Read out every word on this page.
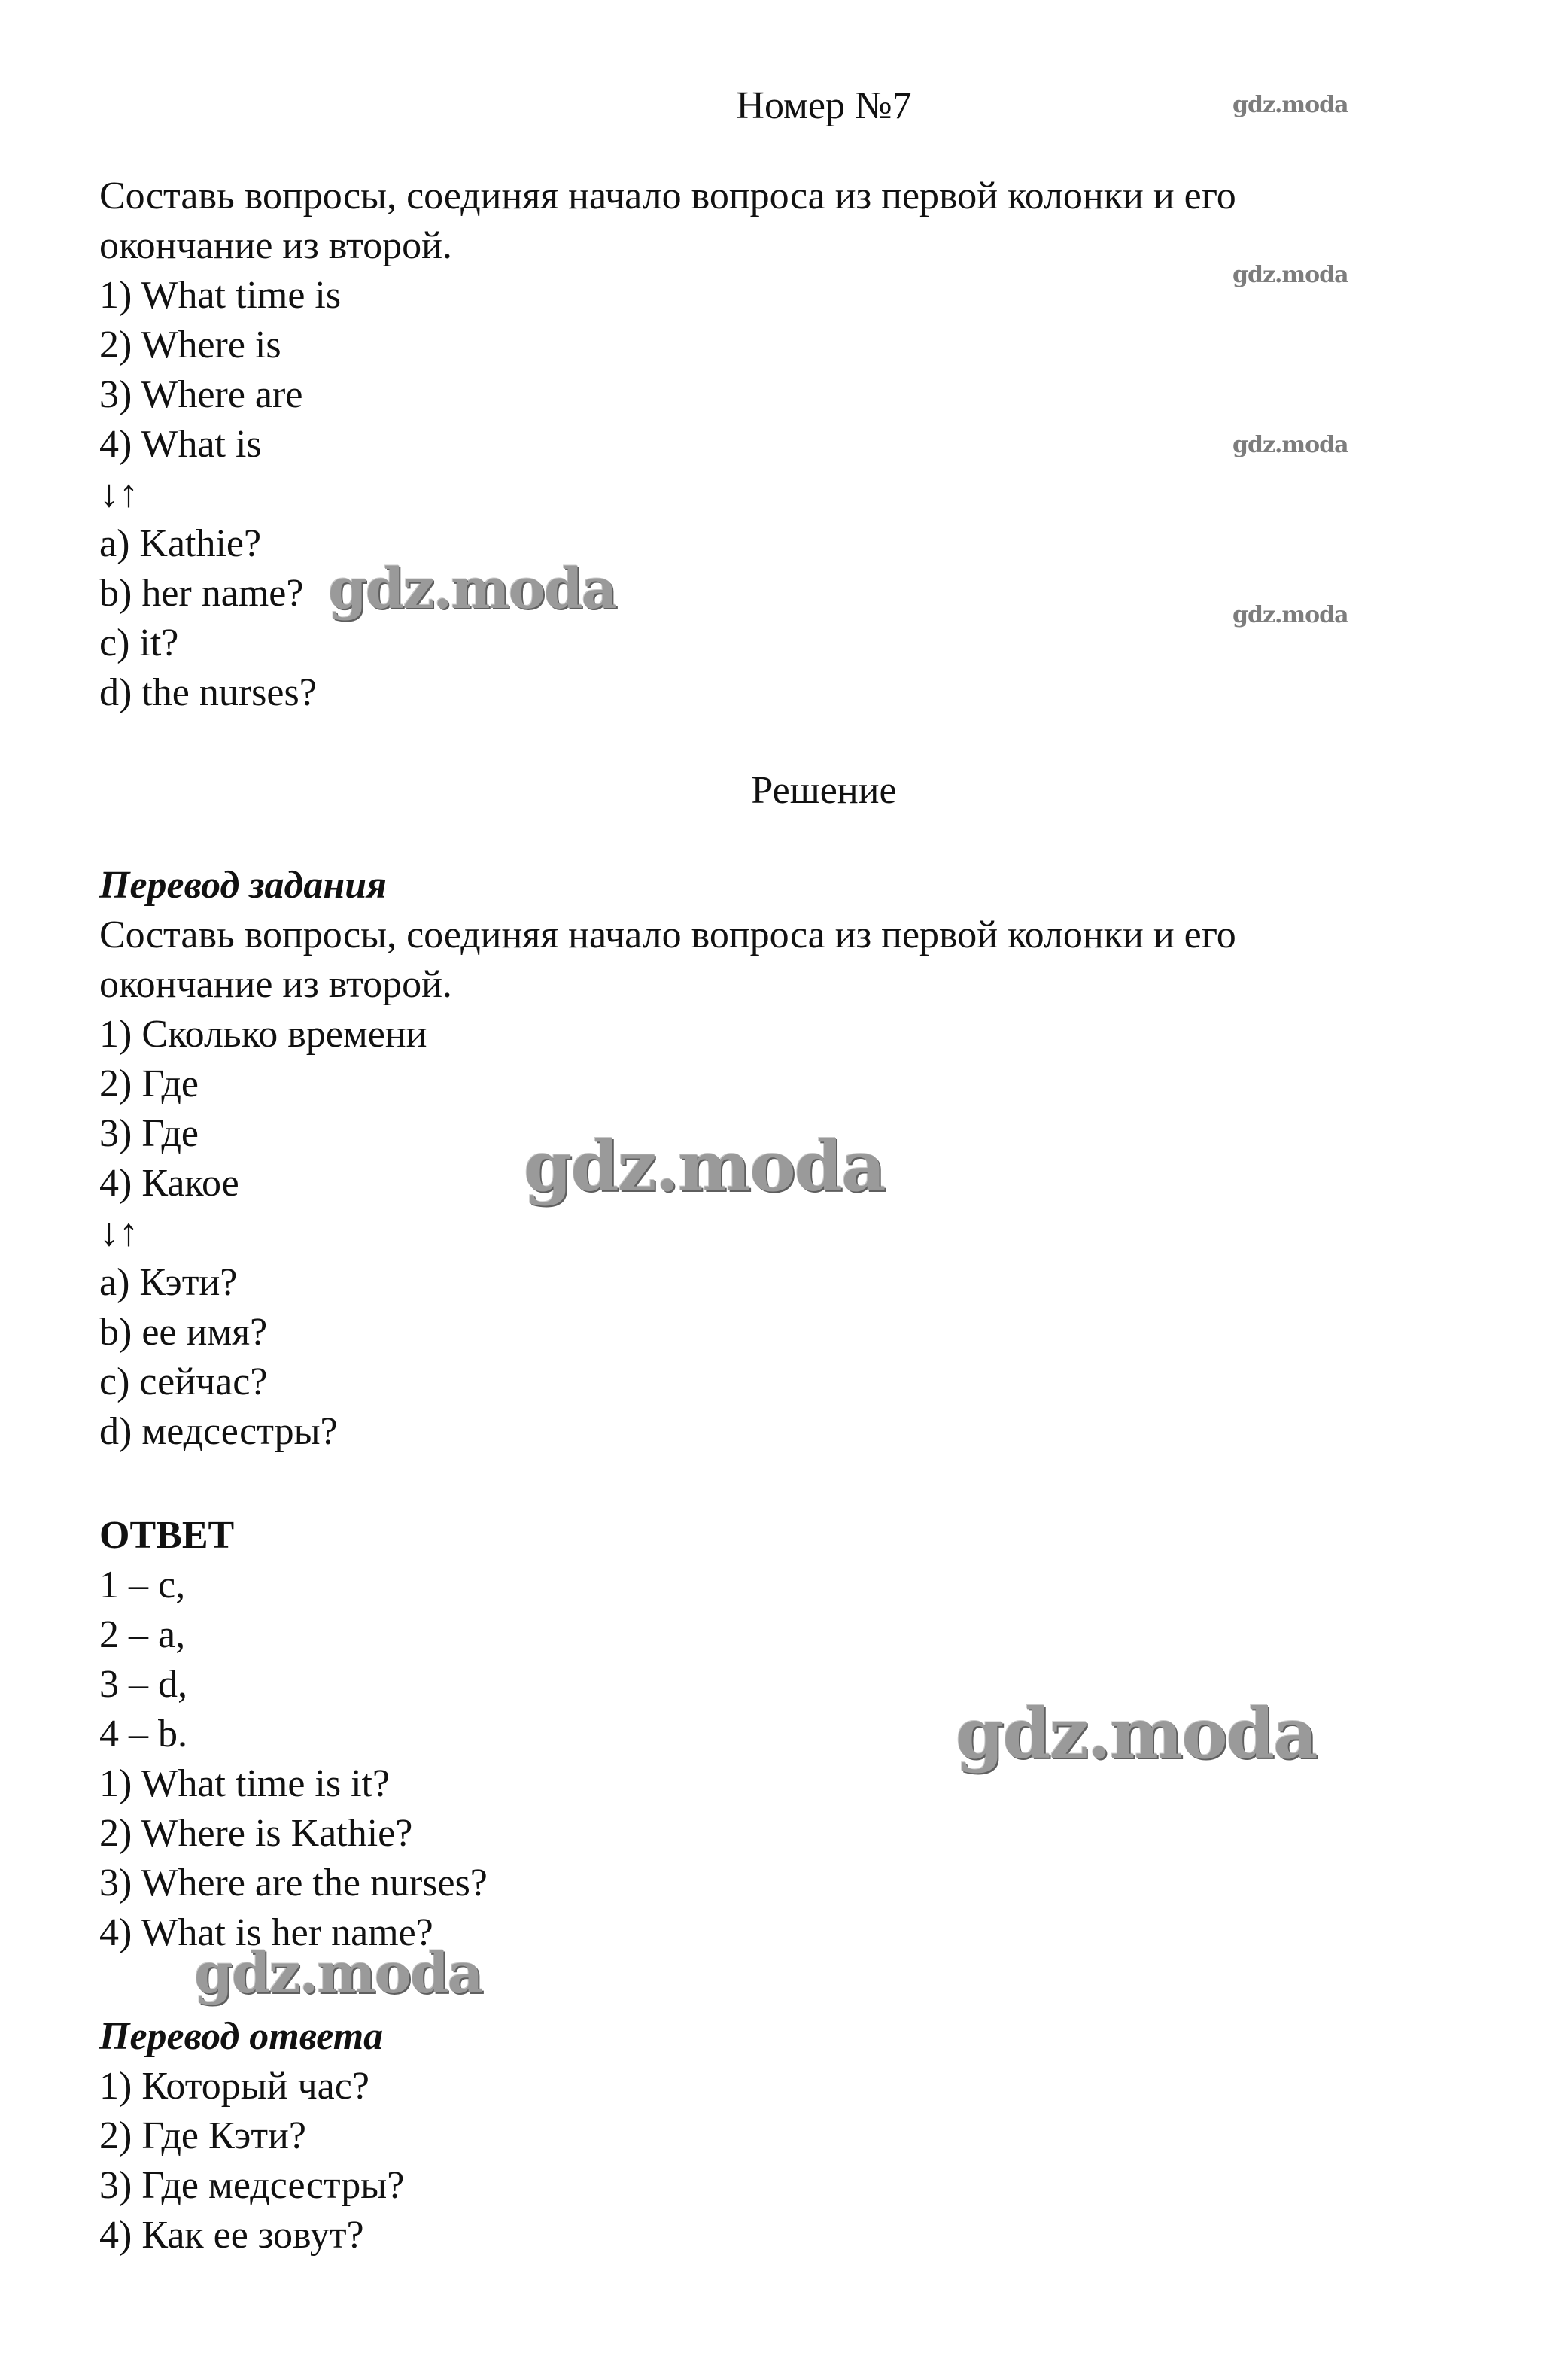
Номер №7
Составь вопросы, соединяя начало вопроса из первой колонки и его
окончание из второй.
1) What time is
2) Where is
3) Where are
4) What is
↓↑
a) Kathie?
b) her name?
c) it?
d) the nurses?
Решение
Перевод задания
Составь вопросы, соединяя начало вопроса из первой колонки и его
окончание из второй.
1) Сколько времени
2) Где
3) Где
4) Какое
↓↑
a) Кэти?
b) ее имя?
c) сейчас?
d) медсестры?
ОТВЕТ
1 – c,
2 – a,
3 – d,
4 – b.
1) What time is it?
2) Where is Kathie?
3) Where are the nurses?
4) What is her name?
Перевод ответа
1) Который час?
2) Где Кэти?
3) Где медсестры?
4) Как ее зовут?
gdz.moda
gdz.moda
gdz.moda
gdz.moda
gdz.moda
gdz.moda
gdz.moda
gdz.moda
